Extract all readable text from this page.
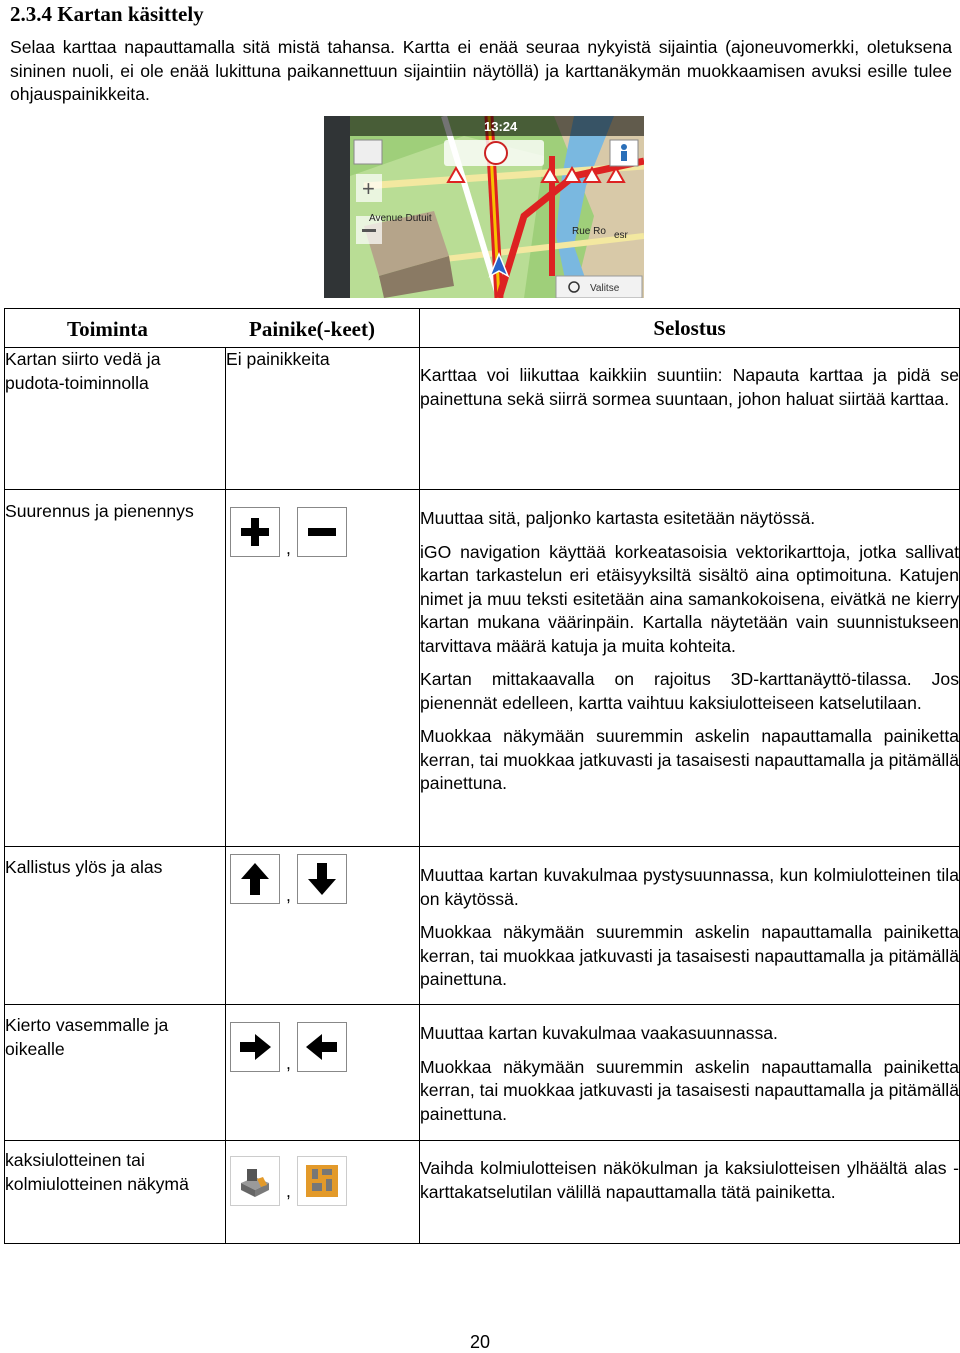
2.3.4 Kartan käsittely
Selaa karttaa napauttamalla sitä mistä tahansa. Kartta ei enää seuraa nykyistä sijaintia (ajoneuvomerkki, oletuksena sininen nuoli, ei ole enää lukittuna paikannettuun sijaintiin näytöllä) ja karttanäkymän muokkaamisen avuksi esille tulee ohjauspainikkeita.
13:24
+
Avenue Dutuit
Rue Ro esr
Valitse
Toiminta Painike(-keet)		Selostus
Kartan siirto vedä ja pudota-toiminnolla	Ei painikkeita	Karttaa voi liikuttaa kaikkiin suuntiin: Napauta karttaa ja pidä se painettuna sekä siirrä sormea suuntaan, johon haluat siirtää karttaa.

Suurennus ja pienennys	,	Muuttaa sitä, paljonko kartasta esitetään näytössä.

iGO navigation käyttää korkeatasoisia vektorikarttoja, jotka sallivat kartan tarkastelun eri etäisyyksiltä sisältö aina optimoituna. Katujen nimet ja muu teksti esitetään aina samankokoisena, eivätkä ne kierry kartan mukana väärinpäin. Kartalla näytetään vain suunnistukseen tarvittava määrä katuja ja muita kohteita.

Kartan mittakaavalla on rajoitus 3D-karttanäyttö-tilassa. Jos pienennät edelleen, kartta vaihtuu kaksiulotteiseen katselutilaan.

Muokkaa näkymään suuremmin askelin napauttamalla painiketta kerran, tai muokkaa jatkuvasti ja tasaisesti napauttamalla ja pitämällä painettuna.

Kallistus ylös ja alas	,	Muuttaa kartan kuvakulmaa pystysuunnassa, kun kolmiulotteinen tila on käytössä.

Muokkaa näkymään suuremmin askelin napauttamalla painiketta kerran, tai muokkaa jatkuvasti ja tasaisesti napauttamalla ja pitämällä painettuna.

Kierto vasemmalle ja oikealle	,	Muuttaa kartan kuvakulmaa vaakasuunnassa.

Muokkaa näkymään suuremmin askelin napauttamalla painiketta kerran, tai muokkaa jatkuvasti ja tasaisesti napauttamalla ja pitämällä painettuna.

kaksiulotteinen tai kolmiulotteinen näkymä	,	Vaihda kolmiulotteisen näkökulman ja kaksiulotteisen ylhäältä alas -karttakatselutilan välillä napauttamalla tätä painiketta.

20
